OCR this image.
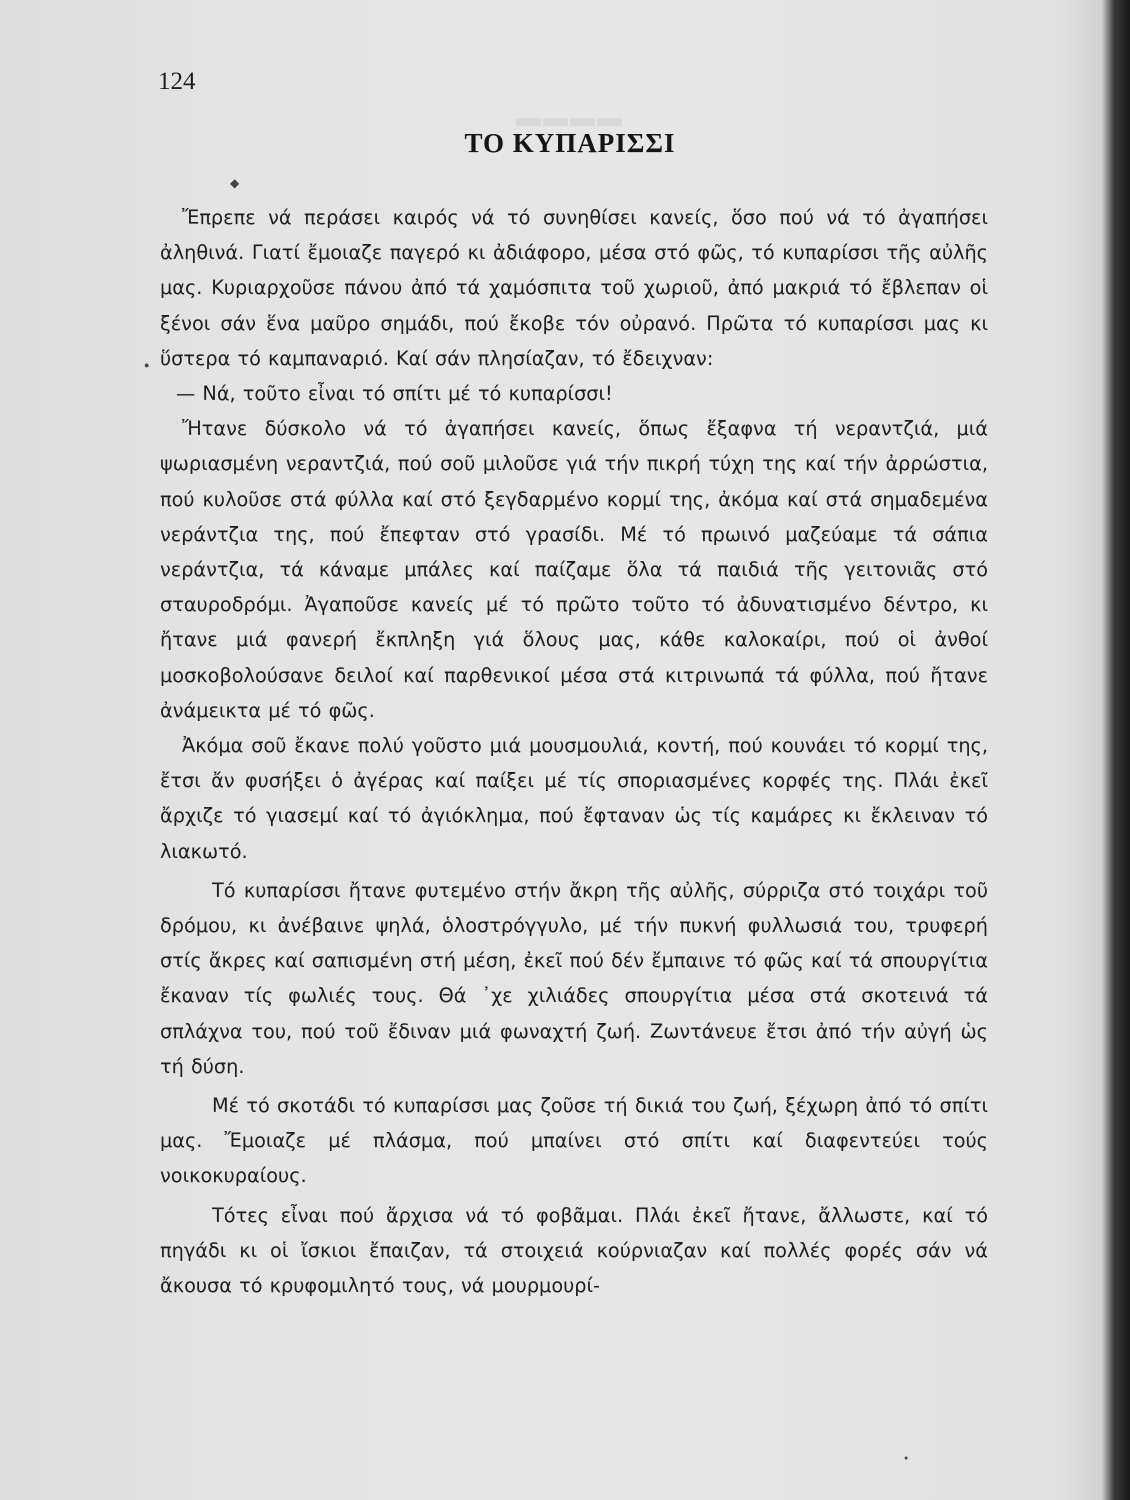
▬▬▬▬
◆
●
●
124
ΤΟ ΚΥΠΑΡΙΣΣΙ

Ἔπρεπε νά περάσει καιρός νά τό συνηθίσει κανείς, ὅσο πού νά τό ἀγαπήσει ἀληθινά. Γιατί ἔμοιαζε παγερό κι ἀδιάφορο, μέσα στό φῶς, τό κυπαρίσσι τῆς αὐλῆς μας. Κυριαρχοῦσε πάνου ἀπό τά χαμόσπιτα τοῦ χωριοῦ, ἀπό μακριά τό ἔβλεπαν οἱ ξένοι σάν ἕνα μαῦρο σημάδι, πού ἔκοβε τόν οὐρανό. Πρῶτα τό κυπαρίσσι μας κι ὕστερα τό καμπαναριό. Καί σάν πλησίαζαν, τό ἔδειχναν:

— Νά, τοῦτο εἶναι τό σπίτι μέ τό κυπαρίσσι!

Ἤτανε δύσκολο νά τό ἀγαπήσει κανείς, ὅπως ἔξαφνα τή νεραντζιά, μιά ψωριασμένη νεραντζιά, πού σοῦ μιλοῦσε γιά τήν πικρή τύχη της καί τήν ἀρρώστια, πού κυλοῦσε στά φύλλα καί στό ξεγδαρμένο κορμί της, ἀκόμα καί στά σημαδεμένα νεράντζια της, πού ἔπεφταν στό γρασίδι. Μέ τό πρωινό μαζεύαμε τά σάπια νεράντζια, τά κάναμε μπάλες καί παίζαμε ὅλα τά παιδιά τῆς γειτονιᾶς στό σταυροδρόμι. Ἀγαποῦσε κανείς μέ τό πρῶτο τοῦτο τό ἀδυνατισμένο δέντρο, κι ἤτανε μιά φανερή ἔκπληξη γιά ὅλους μας, κάθε καλοκαίρι, πού οἱ ἀνθοί μοσκοβολούσανε δειλοί καί παρθενικοί μέσα στά κιτρινωπά τά φύλλα, πού ἤτανε ἀνάμεικτα μέ τό φῶς.

Ἀκόμα σοῦ ἔκανε πολύ γοῦστο μιά μουσμουλιά, κοντή, πού κουνάει τό κορμί της, ἔτσι ἄν φυσήξει ὁ ἀγέρας καί παίξει μέ τίς σποριασμένες κορφές της. Πλάι ἐκεῖ ἄρχιζε τό γιασεμί καί τό ἀγιόκλημα, πού ἔφταναν ὡς τίς καμάρες κι ἔκλειναν τό λιακωτό.

Τό κυπαρίσσι ἤτανε φυτεμένο στήν ἄκρη τῆς αὐλῆς, σύρριζα στό τοιχάρι τοῦ δρόμου, κι ἀνέβαινε ψηλά, ὁλοστρόγγυλο, μέ τήν πυκνή φυλλωσιά του, τρυφερή στίς ἄκρες καί σαπισμένη στή μέση, ἐκεῖ πού δέν ἔμπαινε τό φῶς καί τά σπουργίτια ἔκαναν τίς φωλιές τους. Θά ᾽χε χιλιάδες σπουργίτια μέσα στά σκοτεινά τά σπλάχνα του, πού τοῦ ἔδιναν μιά φωναχτή ζωή. Ζωντάνευε ἔτσι ἀπό τήν αὐγή ὡς τή δύση.

Μέ τό σκοτάδι τό κυπαρίσσι μας ζοῦσε τή δικιά του ζωή, ξέχωρη ἀπό τό σπίτι μας. Ἔμοιαζε μέ πλάσμα, πού μπαίνει στό σπίτι καί διαφεντεύει τούς νοικοκυραίους.

Τότες εἶναι πού ἄρχισα νά τό φοβᾶμαι. Πλάι ἐκεῖ ἤτανε, ἄλλωστε, καί τό πηγάδι κι οἱ ἴσκιοι ἔπαιζαν, τά στοιχειά κούρνιαζαν καί πολλές φορές σάν νά ἄκουσα τό κρυφομιλητό τους, νά μουρμουρί-
